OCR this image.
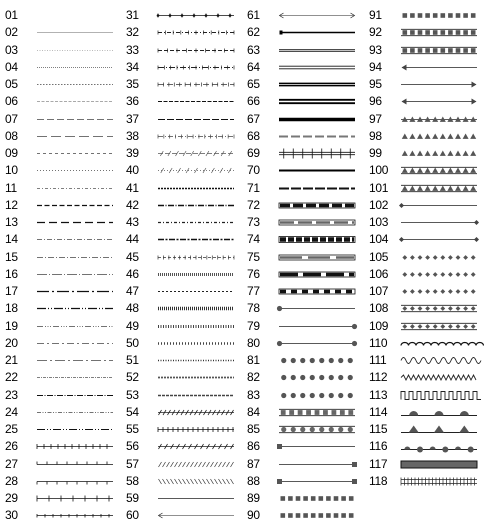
01
02
03
04
05
06
07
08
09
10
11
12
13
14
15
16
17
18
19
20
21
22
23
24
25
26
27
28
29
30
31
32
33
34
35
36
37
38
39
40
41
42
43
44
45
46
47
48
49
50
51
52
53
54
55
56
57
58
59
60
61
62
63
64
65
66
67
68
69
70
71
72
73
74
75
76
77
78
79
80
81
82
83
84
85
86
87
88
89
90
91
92
93
94
95
96
97
98
99
100
101
102
103
104
105
106
107
108
109
110
111
112
113
114
115
116
117
118
